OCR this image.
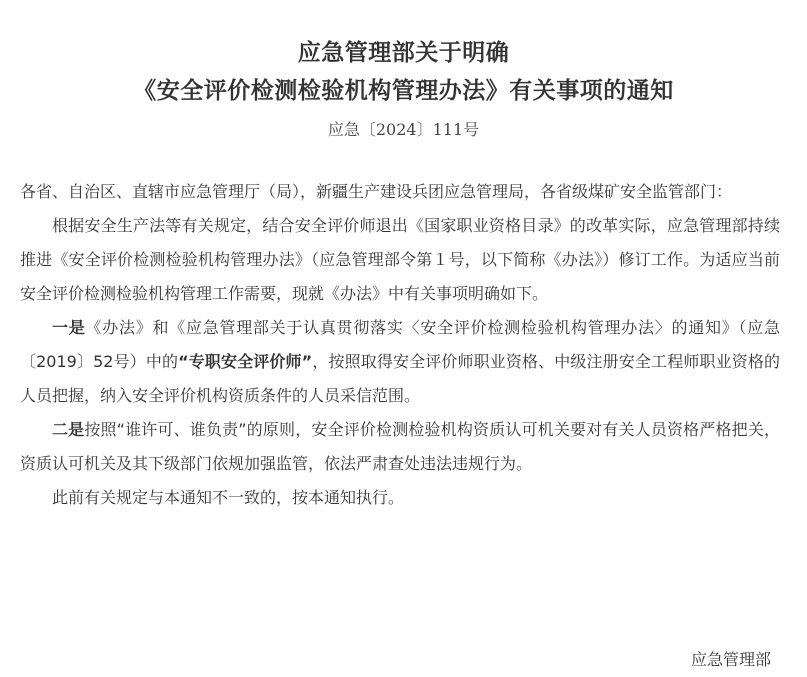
应急管理部关于明确
《安全评价检测检验机构管理办法》有关事项的通知
应急〔2024〕111号

各省、自治区、直辖市应急管理厅（局），新疆生产建设兵团应急管理局，各省级煤矿安全监管部门：

根据安全生产法等有关规定，结合安全评价师退出《国家职业资格目录》的改革实际，应急管理部持续推进《安全评价检测检验机构管理办法》（应急管理部令第１号，以下简称《办法》）修订工作。为适应当前安全评价检测检验机构管理工作需要，现就《办法》中有关事项明确如下。

一是《办法》和《应急管理部关于认真贯彻落实〈安全评价检测检验机构管理办法〉的通知》（应急〔2019〕52号）中的“专职安全评价师”，按照取得安全评价师职业资格、中级注册安全工程师职业资格的人员把握，纳入安全评价机构资质条件的人员采信范围。

二是按照“谁许可、谁负责”的原则，安全评价检测检验机构资质认可机关要对有关人员资格严格把关，资质认可机关及其下级部门依规加强监管，依法严肃查处违法违规行为。

此前有关规定与本通知不一致的，按本通知执行。

应急管理部
